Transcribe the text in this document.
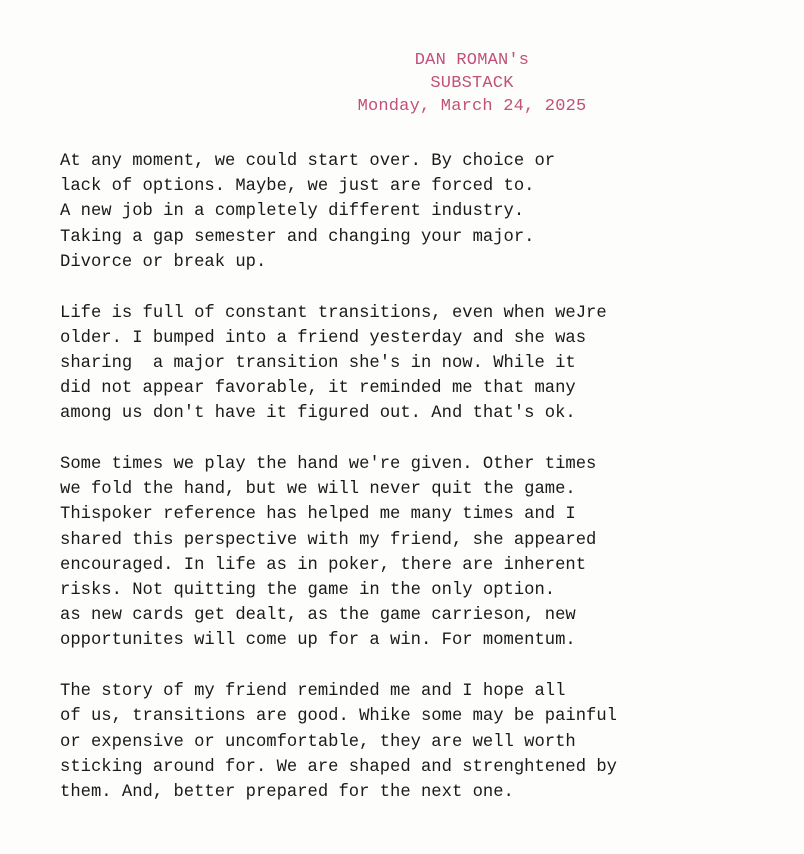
DAN ROMAN's
SUBSTACK
Monday, March 24, 2025

At any moment, we could start over. By choice or
lack of options. Maybe, we just are forced to.
A new job in a completely different industry.
Taking a gap semester and changing your major.
Divorce or break up.

Life is full of constant transitions, even when weJre
older. I bumped into a friend yesterday and she was
sharing  a major transition she's in now. While it
did not appear favorable, it reminded me that many
among us don't have it figured out. And that's ok.

Some times we play the hand we're given. Other times
we fold the hand, but we will never quit the game.
Thispoker reference has helped me many times and I
shared this perspective with my friend, she appeared
encouraged. In life as in poker, there are inherent
risks. Not quitting the game in the only option.
as new cards get dealt, as the game carrieson, new
opportunites will come up for a win. For momentum.

The story of my friend reminded me and I hope all
of us, transitions are good. Whike some may be painful
or expensive or uncomfortable, they are well worth
sticking around for. We are shaped and strenghtened by
them. And, better prepared for the next one.
